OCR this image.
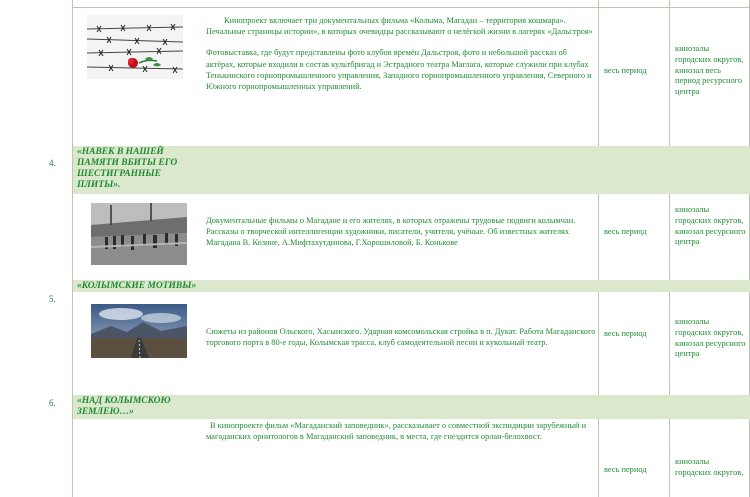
Кинопроект включает три документальных фильма «Колыма, Магадан – территория кошмара». Печальные страницы истории», в которых очевидцы рассказывают о нелёгкой жизни в лагерях «Дальстроя»

Фотовыставка, где будут представлены фото клубов времён Дальстроя, фото и небольшой рассказ об актёрах, которые входили в состав культбригад и Эстрадного театра Маглага, которые служили при клубах Тенькинского горнопромышленного управления, Западного горнопромышленного управления, Северного и Южного горнопромышленных управлений.

весь период
кинозалы городских округов, кинозал весь период ресурсного центра
4.
«НАВЕК В НАШЕЙ ПАМЯТИ ВБИТЫ ЕГО ШЕСТИГРАННЫЕ ПЛИТЫ».
Документальные фильмы о Магадане и его жителях, в которых отражены трудовые подвиги колымчан. Рассказы о творческой интеллигенции художники, писатели, учителя, учёные. Об известных жителях Магадана В. Козине, А.Мифтахутдинова, Г.Хорошиловой, Б. Конькове
весь период
кинозалы городских округов, кинозал ресурсного центра
5.
«КОЛЫМСКИЕ МОТИВЫ»
Сюжеты из районов Ольского, Хасынского. Ударная комсомольская стройка в п. Дукат. Работа Магаданского торгового порта в 80-е годы, Колымская трасса, клуб самодеятельной песни и кукольный театр.
весь период
кинозалы городских округов, кинозал ресурсного центра
6. «НАД КОЛЫМСКОЮ ЗЕМЛЕЮ…»
В кинопроекте фильм «Магаданский заповедник», рассказывает о совместной экспидиции зарубежный и магаданских орнитологов в Магаданский заповедник, в места, где гнездится орлан-белохвост.
весь период
кинозалы городских округов,
